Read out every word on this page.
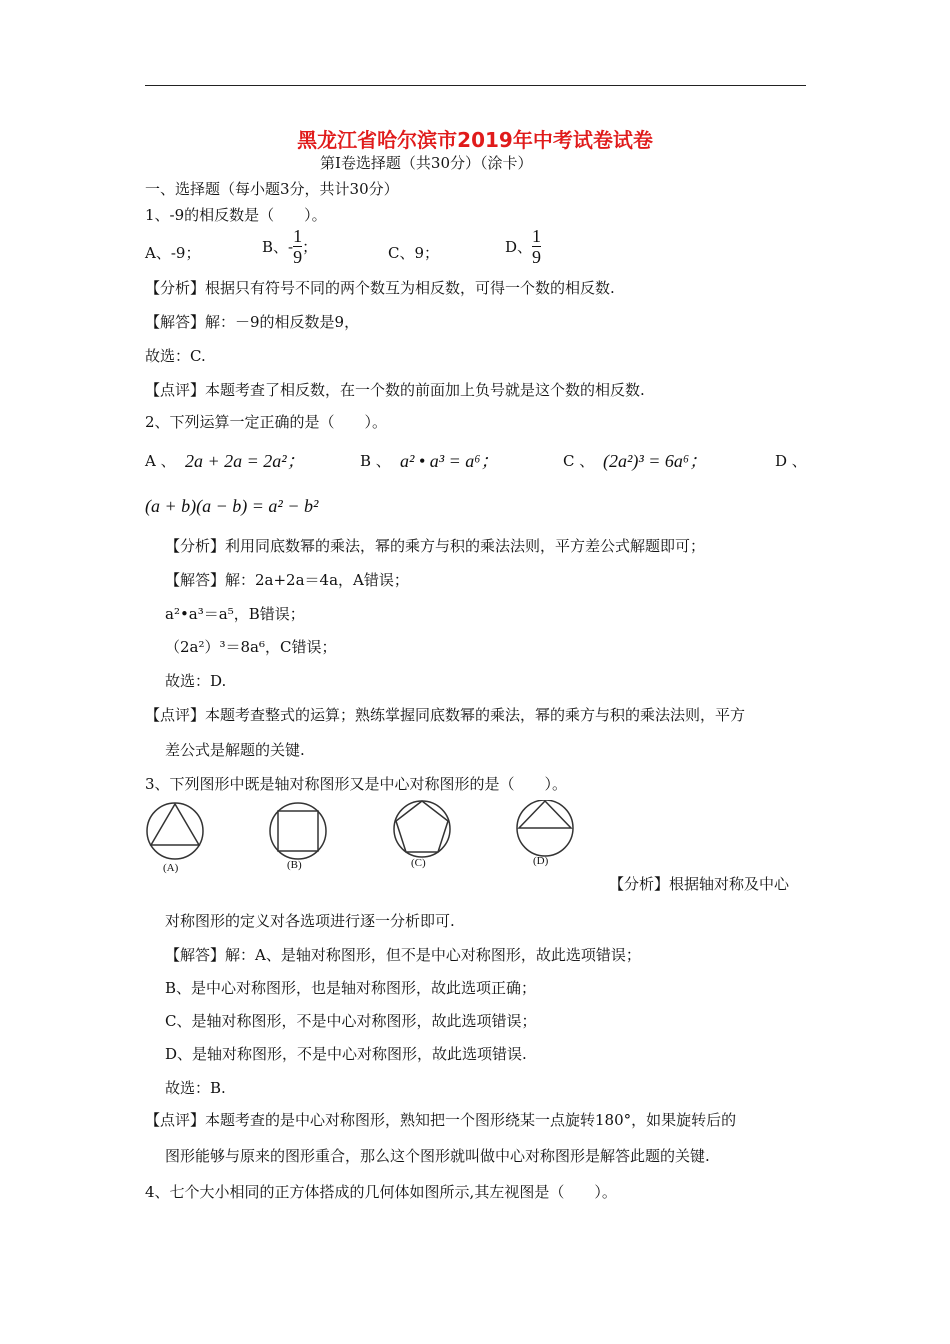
黑龙江省哈尔滨市2019年中考试卷试卷
第Ⅰ卷选择题（共30分）（涂卡）
一、选择题（每小题3分，共计30分）
1、-9的相反数是（　　）。
A、-9；	B、- $\frac{1}{9}$ ；	C、9；	D、 $\frac{1}{9}$
【分析】根据只有符号不同的两个数互为相反数，可得一个数的相反数.
【解答】解：－9的相反数是9，
故选：C.
【点评】本题考查了相反数，在一个数的前面加上负号就是这个数的相反数.
2、下列运算一定正确的是（　　）。
A 、 2a + 2a = 2a²；	B 、 a² • a³ = a⁶；	C 、 (2a²)³ = 6a⁶；	D 、
(a + b)(a − b) = a² − b²
【分析】利用同底数幂的乘法，幂的乘方与积的乘法法则，平方差公式解题即可；
【解答】解：2a+2a＝4a，A错误；
a²•a³＝a⁵，B错误；
（2a²）³＝8a⁶，C错误；
故选：D.
【点评】本题考查整式的运算；熟练掌握同底数幂的乘法，幂的乘方与积的乘法法则，平方
差公式是解题的关键.
3、下列图形中既是轴对称图形又是中心对称图形的是（　　）。
(A)	(B)	(C)	(D)
【分析】根据轴对称及中心
对称图形的定义对各选项进行逐一分析即可.
【解答】解：A、是轴对称图形，但不是中心对称图形，故此选项错误；
B、是中心对称图形，也是轴对称图形，故此选项正确；
C、是轴对称图形，不是中心对称图形，故此选项错误；
D、是轴对称图形，不是中心对称图形，故此选项错误.
故选：B.
【点评】本题考查的是中心对称图形，熟知把一个图形绕某一点旋转180°，如果旋转后的
图形能够与原来的图形重合，那么这个图形就叫做中心对称图形是解答此题的关键.
4、七个大小相同的正方体搭成的几何体如图所示,其左视图是（　　）。
